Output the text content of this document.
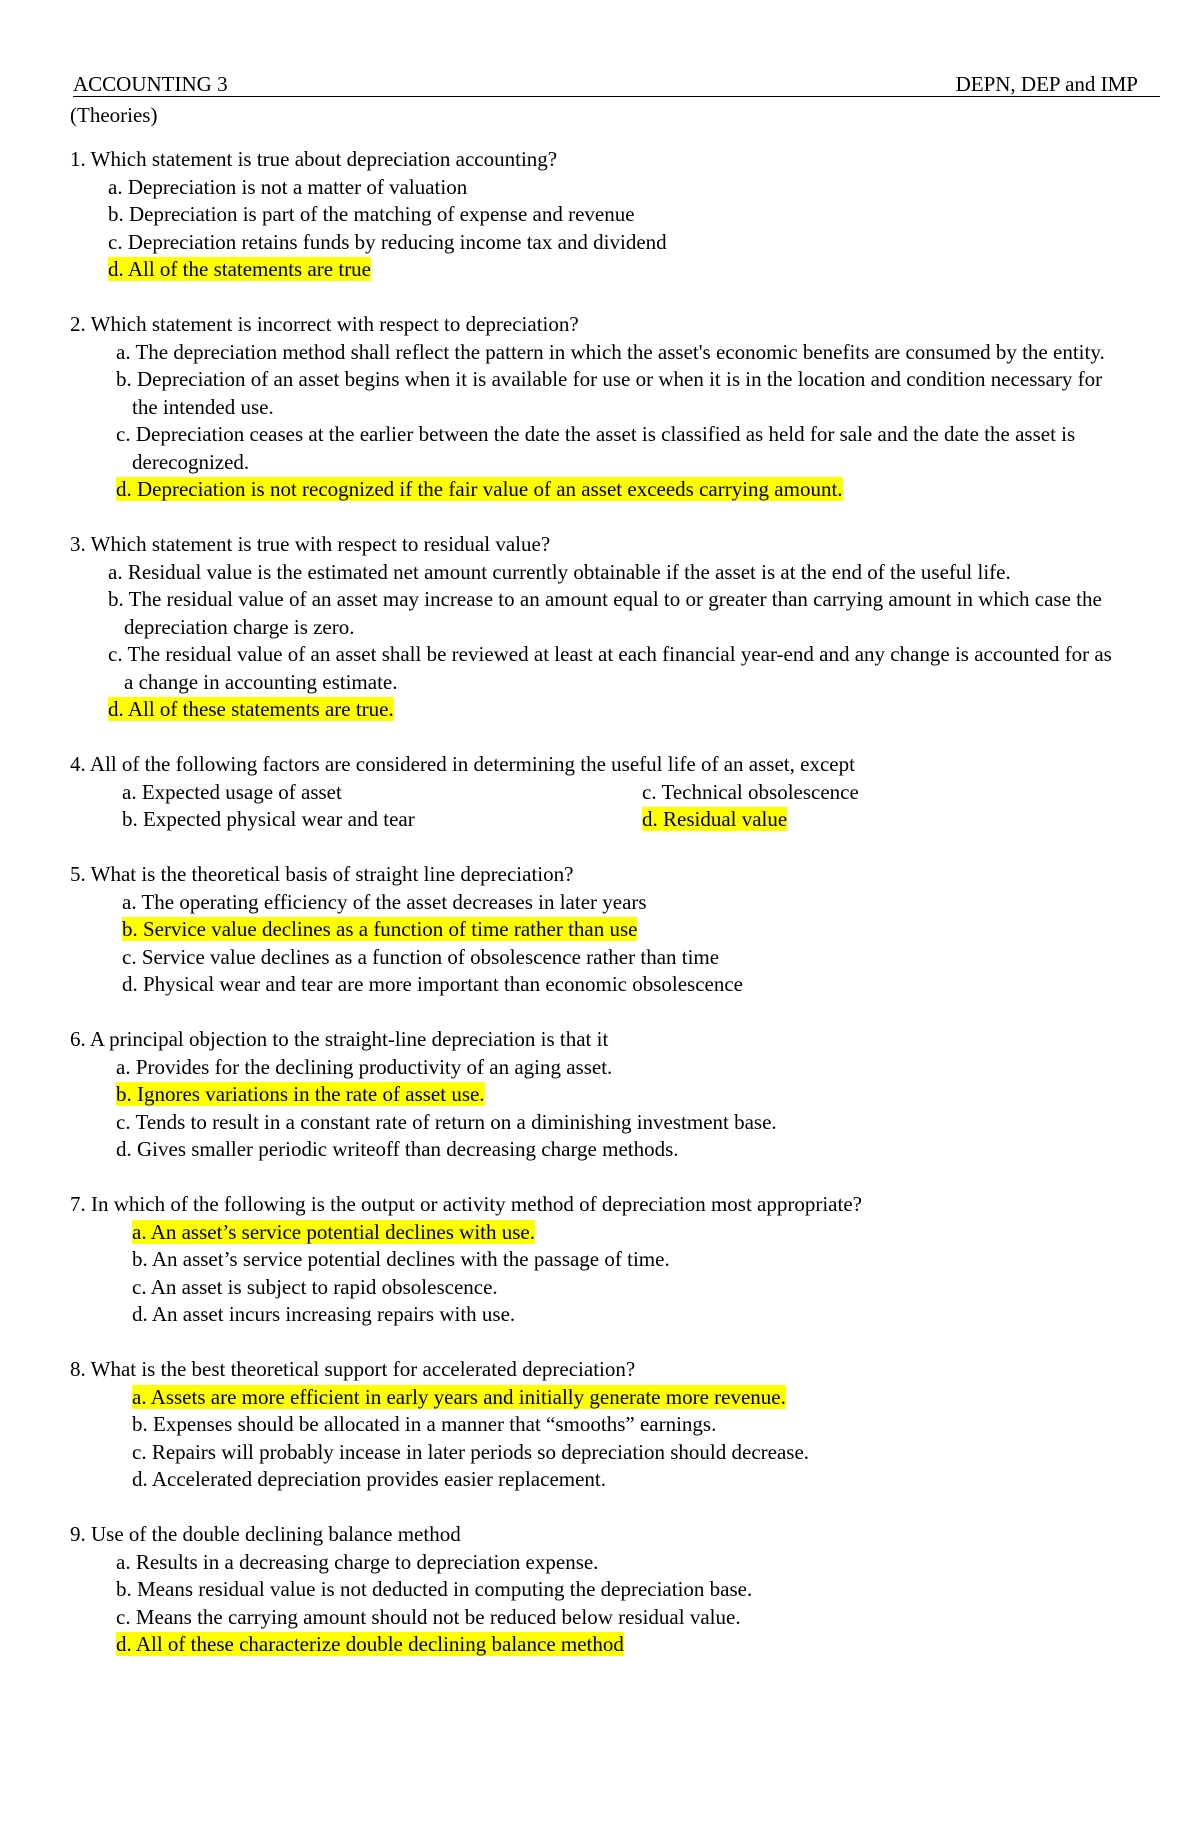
ACCOUNTING 3	DEPN, DEP and IMP
(Theories)
1. Which statement is true about depreciation accounting?
a. Depreciation is not a matter of valuation
b. Depreciation is part of the matching of expense and revenue
c. Depreciation retains funds by reducing income tax and dividend
d. All of the statements are true
2. Which statement is incorrect with respect to depreciation?
a. The depreciation method shall reflect the pattern in which the asset's economic benefits are consumed by the entity.
b. Depreciation of an asset begins when it is available for use or when it is in the location and condition necessary for the intended use.
c. Depreciation ceases at the earlier between the date the asset is classified as held for sale and the date the asset is derecognized.
d. Depreciation is not recognized if the fair value of an asset exceeds carrying amount.
3. Which statement is true with respect to residual value?
a. Residual value is the estimated net amount currently obtainable if the asset is at the end of the useful life.
b. The residual value of an asset may increase to an amount equal to or greater than carrying amount in which case the depreciation charge is zero.
c. The residual value of an asset shall be reviewed at least at each financial year-end and any change is accounted for as a change in accounting estimate.
d. All of these statements are true.
4. All of the following factors are considered in determining the useful life of an asset, except
a. Expected usage of asset	c. Technical obsolescence
b. Expected physical wear and tear	d. Residual value
5. What is the theoretical basis of straight line depreciation?
a. The operating efficiency of the asset decreases in later years
b. Service value declines as a function of time rather than use
c. Service value declines as a function of obsolescence rather than time
d. Physical wear and tear are more important than economic obsolescence
6. A principal objection to the straight-line depreciation is that it
a. Provides for the declining productivity of an aging asset.
b. Ignores variations in the rate of asset use.
c. Tends to result in a constant rate of return on a diminishing investment base.
d. Gives smaller periodic writeoff than decreasing charge methods.
7. In which of the following is the output or activity method of depreciation most appropriate?
a. An asset’s service potential declines with use.
b. An asset’s service potential declines with the passage of time.
c. An asset is subject to rapid obsolescence.
d. An asset incurs increasing repairs with use.
8. What is the best theoretical support for accelerated depreciation?
a. Assets are more efficient in early years and initially generate more revenue.
b. Expenses should be allocated in a manner that “smooths” earnings.
c. Repairs will probably incease in later periods so depreciation should decrease.
d. Accelerated depreciation provides easier replacement.
9. Use of the double declining balance method
a. Results in a decreasing charge to depreciation expense.
b. Means residual value is not deducted in computing the depreciation base.
c. Means the carrying amount should not be reduced below residual value.
d. All of these characterize double declining balance method
